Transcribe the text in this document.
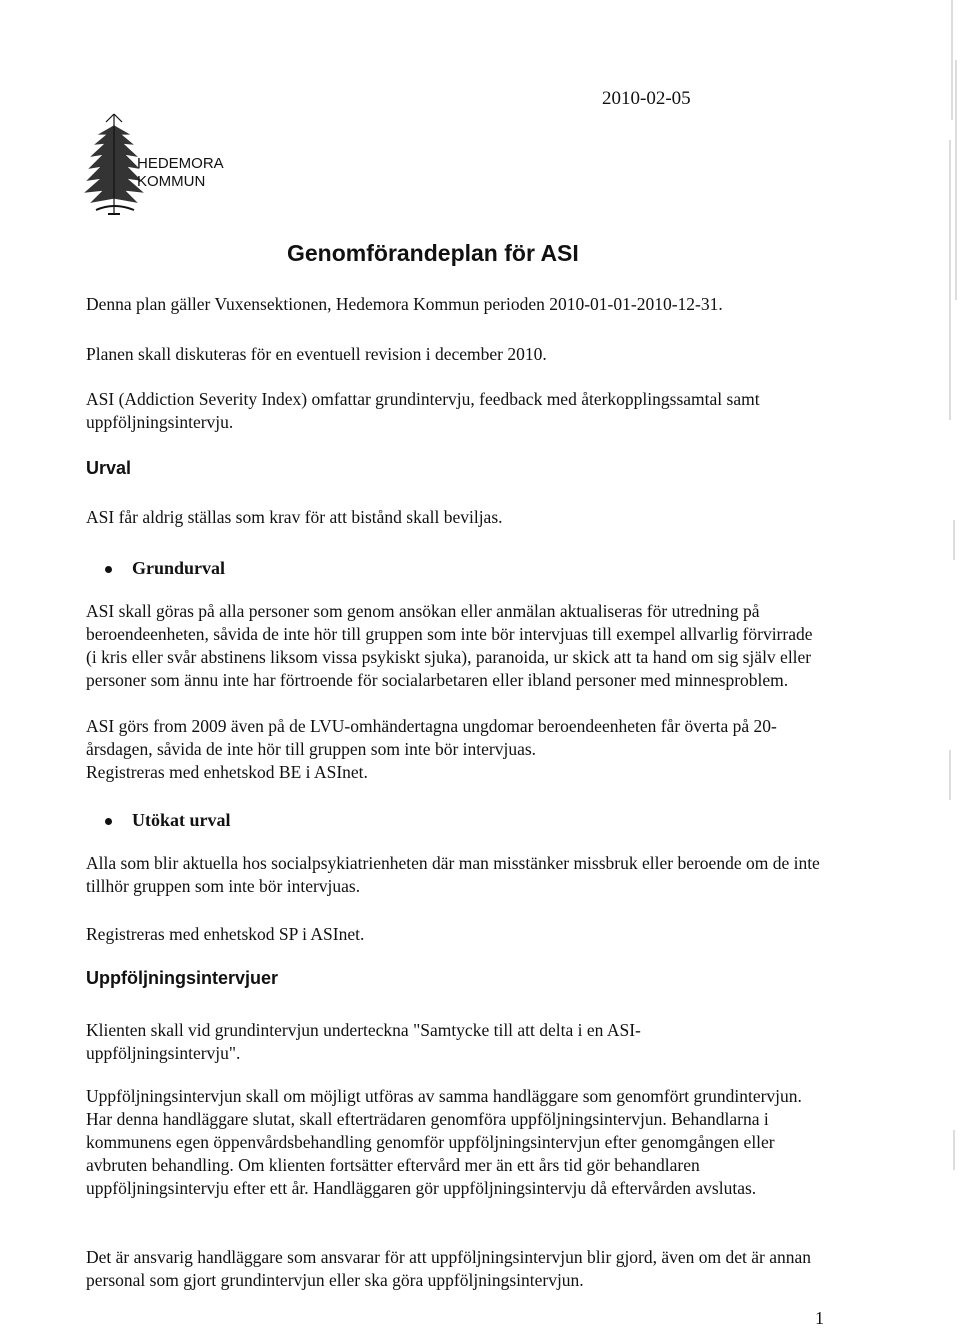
2010-02-05
HEDEMORA
KOMMUN
Genomförandeplan för ASI

Denna plan gäller Vuxensektionen, Hedemora Kommun perioden 2010-01-01-2010-12-31.

Planen skall diskuteras för en eventuell revision i december 2010.

ASI (Addiction Severity Index) omfattar grundintervju, feedback med återkopplingssamtal samt uppföljningsintervju.

Urval

ASI får aldrig ställas som krav för att bistånd skall beviljas.

Grundurval

ASI skall göras på alla personer som genom ansökan eller anmälan aktualiseras för utredning på beroendeenheten, såvida de inte hör till gruppen som inte bör intervjuas till exempel allvarlig förvirrade (i kris eller svår abstinens liksom vissa psykiskt sjuka), paranoida, ur skick att ta hand om sig själv eller personer som ännu inte har förtroende för socialarbetaren eller ibland personer med minnesproblem.

ASI görs from 2009 även på de LVU-omhändertagna ungdomar beroendeenheten får överta på 20-årsdagen, såvida de inte hör till gruppen som inte bör intervjuas.

Registreras med enhetskod BE i ASInet.

Utökat urval

Alla som blir aktuella hos socialpsykiatrienheten där man misstänker missbruk eller beroende om de inte tillhör gruppen som inte bör intervjuas.

Registreras med enhetskod SP i ASInet.

Uppföljningsintervjuer

Klienten skall vid grundintervjun underteckna "Samtycke till att delta i en ASI-uppföljningsintervju".

Uppföljningsintervjun skall om möjligt utföras av samma handläggare som genomfört grundintervjun. Har denna handläggare slutat, skall efterträdaren genomföra uppföljningsintervjun. Behandlarna i kommunens egen öppenvårdsbehandling genomför uppföljningsintervjun efter genomgången eller avbruten behandling. Om klienten fortsätter eftervård mer än ett års tid gör behandlaren uppföljningsintervju efter ett år. Handläggaren gör uppföljningsintervju då eftervården avslutas.

Det är ansvarig handläggare som ansvarar för att uppföljningsintervjun blir gjord, även om det är annan personal som gjort grundintervjun eller ska göra uppföljningsintervjun.

1
